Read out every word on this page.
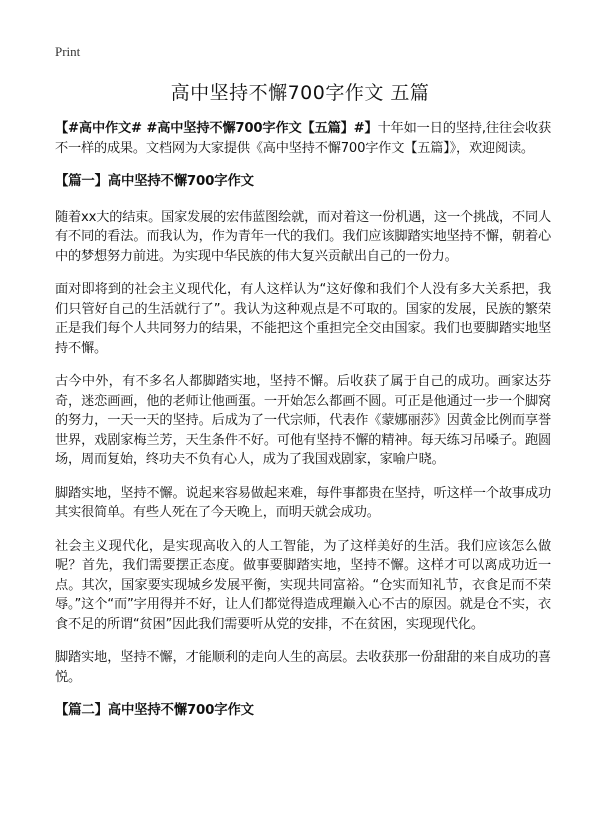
Print
高中坚持不懈700字作文 五篇

【#高中作文# #高中坚持不懈700字作文【五篇】#】十年如一日的坚持,往往会收获不一样的成果。文档网为大家提供《高中坚持不懈700字作文【五篇】》，欢迎阅读。

【篇一】高中坚持不懈700字作文

随着xx大的结束。国家发展的宏伟蓝图绘就，而对着这一份机遇，这一个挑战，不同人有不同的看法。而我认为，作为青年一代的我们。我们应该脚踏实地坚持不懈，朝着心中的梦想努力前进。为实现中华民族的伟大复兴贡献出自己的一份力。

面对即将到的社会主义现代化，有人这样认为“这好像和我们个人没有多大关系把，我们只管好自己的生活就行了”。我认为这种观点是不可取的。国家的发展，民族的繁荣正是我们每个人共同努力的结果，不能把这个重担完全交由国家。我们也要脚踏实地坚持不懈。

古今中外，有不多名人都脚踏实地，坚持不懈。后收获了属于自己的成功。画家达芬奇，迷恋画画，他的老师让他画蛋。一开始怎么都画不圆。可正是他通过一步一个脚窝的努力，一天一天的坚持。后成为了一代宗师，代表作《蒙娜丽莎》因黄金比例而享誉世界，戏剧家梅兰芳，天生条件不好。可他有坚持不懈的精神。每天练习吊嗓子。跑圆场，周而复始，终功夫不负有心人，成为了我国戏剧家，家喻户晓。

脚踏实地，坚持不懈。说起来容易做起来难，每件事都贵在坚持，听这样一个故事成功其实很简单。有些人死在了今天晚上，而明天就会成功。

社会主义现代化，是实现高收入的人工智能，为了这样美好的生活。我们应该怎么做呢？首先，我们需要摆正态度。做事要脚踏实地，坚持不懈。这样才可以离成功近一点。其次，国家要实现城乡发展平衡，实现共同富裕。“仓实而知礼节，衣食足而不荣辱。”这个“而”字用得并不好，让人们都觉得造成理巅入心不古的原因。就是仓不实，衣食不足的所谓“贫困”因此我们需要听从党的安排，不在贫困，实现现代化。

脚踏实地，坚持不懈，才能顺利的走向人生的高层。去收获那一份甜甜的来自成功的喜悦。

【篇二】高中坚持不懈700字作文
